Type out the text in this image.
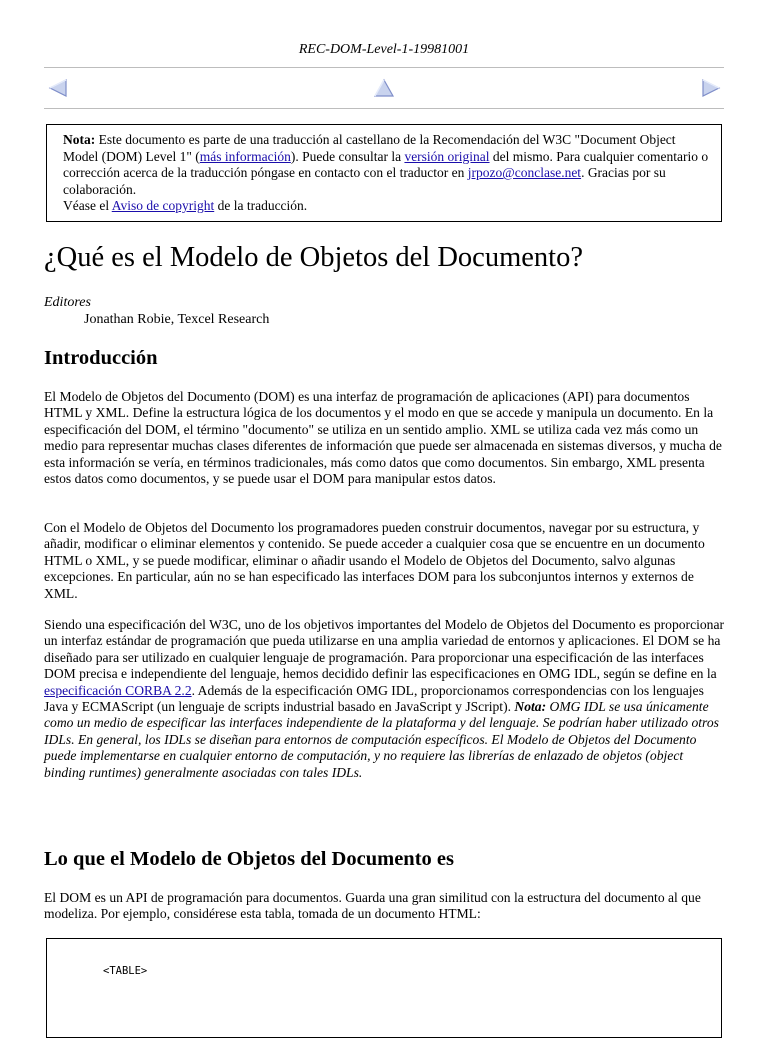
REC-DOM-Level-1-19981001
Nota: Este documento es parte de una traducción al castellano de la Recomendación del W3C "Document Object Model (DOM) Level 1" (más información). Puede consultar la versión original del mismo. Para cualquier comentario o corrección acerca de la traducción póngase en contacto con el traductor en jrpozo@conclase.net. Gracias por su colaboración.
Véase el Aviso de copyright de la traducción.
¿Qué es el Modelo de Objetos del Documento?
Editores
Jonathan Robie, Texcel Research
Introducción

El Modelo de Objetos del Documento (DOM) es una interfaz de programación de aplicaciones (API) para documentos HTML y XML. Define la estructura lógica de los documentos y el modo en que se accede y manipula un documento. En la especificación del DOM, el término "documento" se utiliza en un sentido amplio. XML se utiliza cada vez más como un medio para representar muchas clases diferentes de información que puede ser almacenada en sistemas diversos, y mucha de esta información se vería, en términos tradicionales, más como datos que como documentos. Sin embargo, XML presenta estos datos como documentos, y se puede usar el DOM para manipular estos datos.

Con el Modelo de Objetos del Documento los programadores pueden construir documentos, navegar por su estructura, y añadir, modificar o eliminar elementos y contenido. Se puede acceder a cualquier cosa que se encuentre en un documento HTML o XML, y se puede modificar, eliminar o añadir usando el Modelo de Objetos del Documento, salvo algunas excepciones. En particular, aún no se han especificado las interfaces DOM para los subconjuntos internos y externos de XML.

Siendo una especificación del W3C, uno de los objetivos importantes del Modelo de Objetos del Documento es proporcionar un interfaz estándar de programación que pueda utilizarse en una amplia variedad de entornos y aplicaciones. El DOM se ha diseñado para ser utilizado en cualquier lenguaje de programación. Para proporcionar una especificación de las interfaces DOM precisa e independiente del lenguaje, hemos decidido definir las especificaciones en OMG IDL, según se define en la especificación CORBA 2.2. Además de la especificación OMG IDL, proporcionamos correspondencias con los lenguajes Java y ECMAScript (un lenguaje de scripts industrial basado en JavaScript y JScript). Nota: OMG IDL se usa únicamente como un medio de especificar las interfaces independiente de la plataforma y del lenguaje. Se podrían haber utilizado otros IDLs. En general, los IDLs se diseñan para entornos de computación específicos. El Modelo de Objetos del Documento puede implementarse en cualquier entorno de computación, y no requiere las librerías de enlazado de objetos (object binding runtimes) generalmente asociadas con tales IDLs.

Lo que el Modelo de Objetos del Documento es

El DOM es un API de programación para documentos. Guarda una gran similitud con la estructura del documento al que modeliza. Por ejemplo, considérese esta tabla, tomada de un documento HTML:

<TABLE>
